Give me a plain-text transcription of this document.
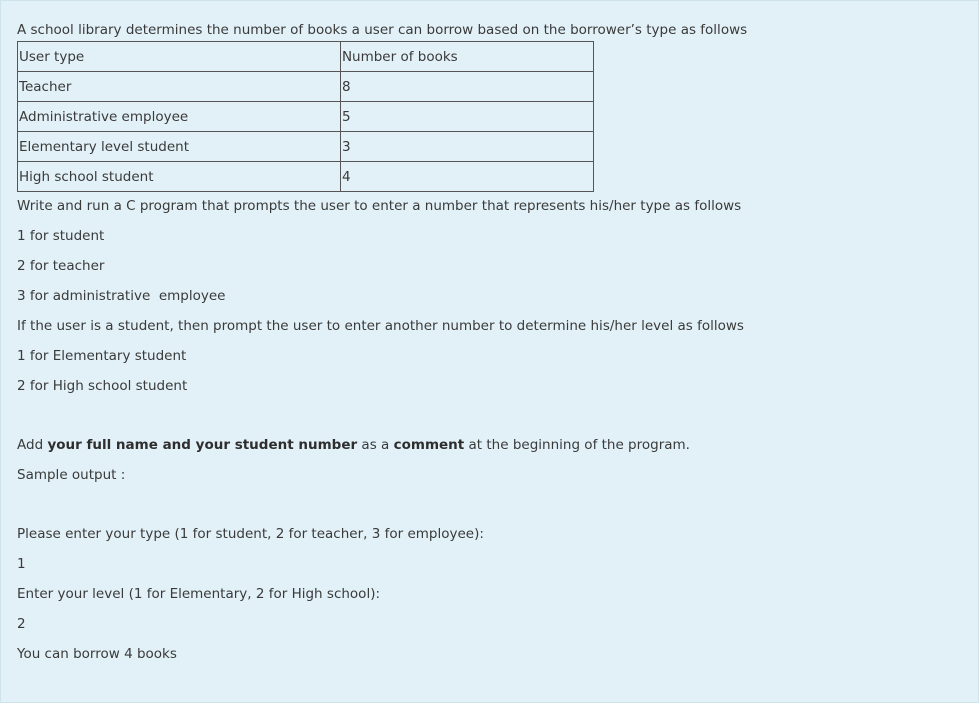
A school library determines the number of books a user can borrow based on the borrower’s type as follows

User type	Number of books
Teacher	8
Administrative employee	5
Elementary level student	3
High school student	4

Write and run a C program that prompts the user to enter a number that represents his/her type as follows

1 for student

2 for teacher

3 for administrative  employee

If the user is a student, then prompt the user to enter another number to determine his/her level as follows

1 for Elementary student

2 for High school student

Add your full name and your student number as a comment at the beginning of the program.

Sample output :

Please enter your type (1 for student, 2 for teacher, 3 for employee):

1

Enter your level (1 for Elementary, 2 for High school):

2

You can borrow 4 books
